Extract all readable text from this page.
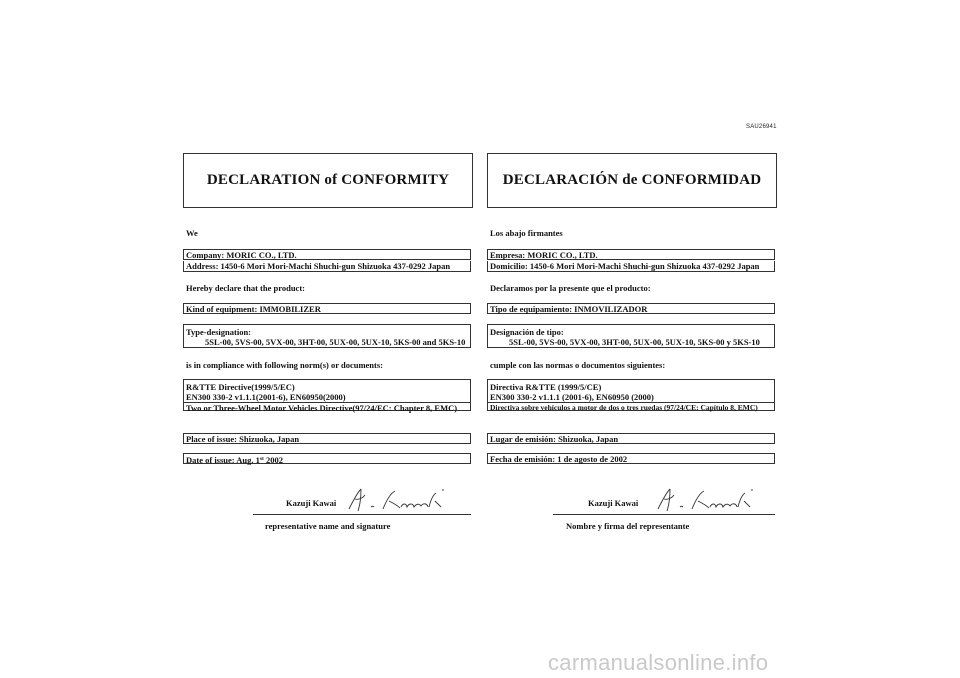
SAU26941
DECLARATION of CONFORMITY
We
Company: MORIC CO., LTD.
Address: 1450-6 Mori Mori-Machi Shuchi-gun Shizuoka 437-0292 Japan
Hereby declare that the product:
Kind of equipment: IMMOBILIZER
Type-designation:
5SL-00, 5VS-00, 5VX-00, 3HT-00, 5UX-00, 5UX-10, 5KS-00 and 5KS-10
is in compliance with following norm(s) or documents:
R&TTE Directive(1999/5/EC)
EN300 330-2 v1.1.1(2001-6), EN60950(2000)
Two or Three-Wheel Motor Vehicles Directive(97/24/EC: Chapter 8, EMC)
Place of issue: Shizuoka, Japan
Date of issue: Aug. 1st 2002
Kazuji Kawai
representative name and signature
DECLARACIÓN de CONFORMIDAD
Los abajo firmantes
Empresa: MORIC CO., LTD.
Domicilio: 1450-6 Mori Mori-Machi Shuchi-gun Shizuoka 437-0292 Japan
Declaramos por la presente que el producto:
Tipo de equipamiento: INMOVILIZADOR
Designación de tipo:
5SL-00, 5VS-00, 5VX-00, 3HT-00, 5UX-00, 5UX-10, 5KS-00 y 5KS-10
cumple con las normas o documentos siguientes:
Directiva R&TTE (1999/5/CE)
EN300 330-2 v1.1.1 (2001-6), EN60950 (2000)
Directiva sobre vehículos a motor de dos o tres ruedas (97/24/CE: Capítulo 8, EMC)
Lugar de emisión: Shizuoka, Japan
Fecha de emisión: 1 de agosto de 2002
Kazuji Kawai
Nombre y firma del representante
carmanualsonline.info
